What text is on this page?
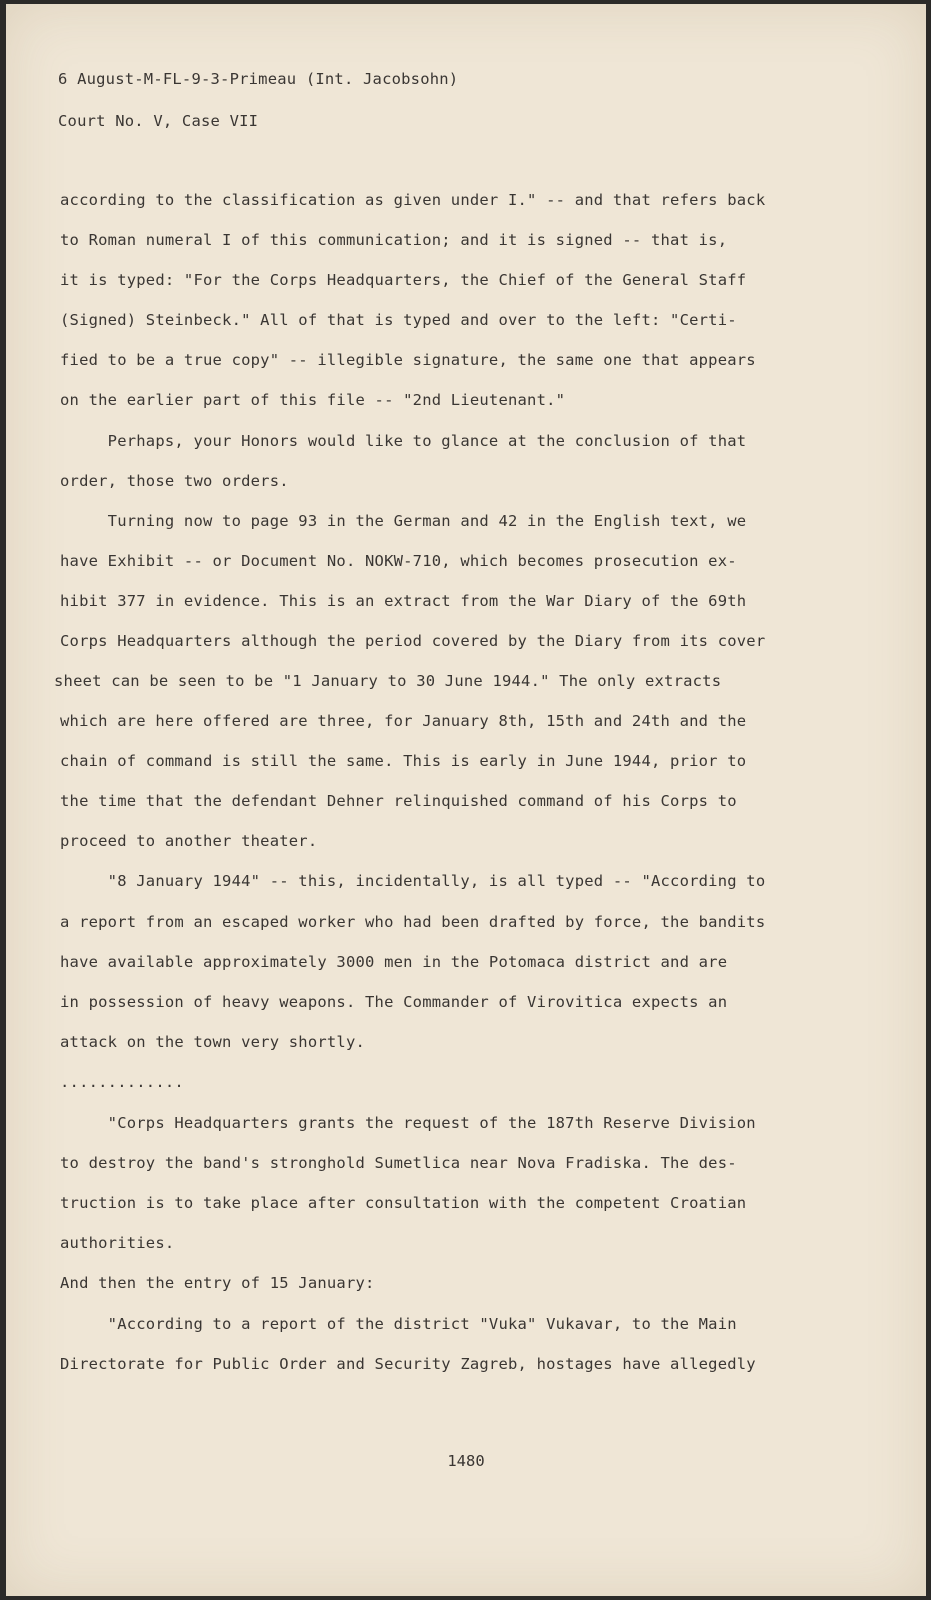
6 August-M-FL-9-3-Primeau (Int. Jacobsohn)
Court No. V, Case VII
according to the classification as given under I." -- and that refers back
to Roman numeral I of this communication; and it is signed -- that is,
it is typed: "For the Corps Headquarters, the Chief of the General Staff
(Signed) Steinbeck." All of that is typed and over to the left: "Certi-
fied to be a true copy" -- illegible signature, the same one that appears
on the earlier part of this file -- "2nd Lieutenant."
Perhaps, your Honors would like to glance at the conclusion of that
order, those two orders.
Turning now to page 93 in the German and 42 in the English text, we
have Exhibit -- or Document No. NOKW-710, which becomes prosecution ex-
hibit 377 in evidence. This is an extract from the War Diary of the 69th
Corps Headquarters although the period covered by the Diary from its cover
sheet can be seen to be "1 January to 30 June 1944." The only extracts
which are here offered are three, for January 8th, 15th and 24th and the
chain of command is still the same. This is early in June 1944, prior to
the time that the defendant Dehner relinquished command of his Corps to
proceed to another theater.
"8 January 1944" -- this, incidentally, is all typed -- "According to
a report from an escaped worker who had been drafted by force, the bandits
have available approximately 3000 men in the Potomaca district and are
in possession of heavy weapons. The Commander of Virovitica expects an
attack on the town very shortly.
.............
"Corps Headquarters grants the request of the 187th Reserve Division
to destroy the band's stronghold Sumetlica near Nova Fradiska. The des-
truction is to take place after consultation with the competent Croatian
authorities.
And then the entry of 15 January:
"According to a report of the district "Vuka" Vukavar, to the Main
Directorate for Public Order and Security Zagreb, hostages have allegedly
1480
